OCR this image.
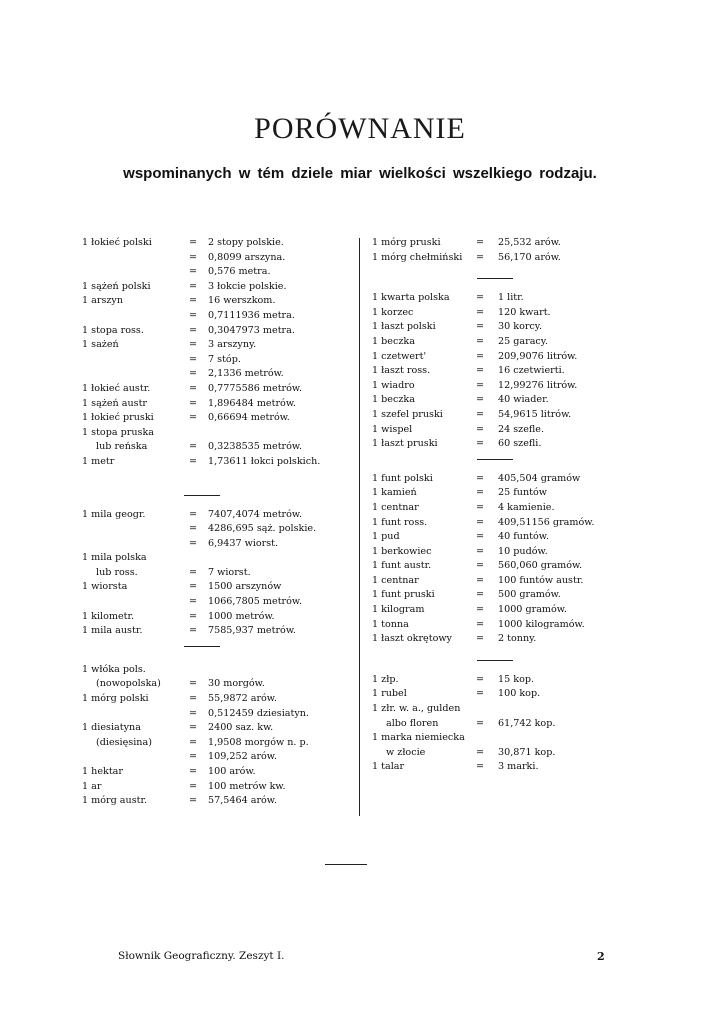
PORÓWNANIE
wspominanych w tém dziele miar wielkości wszelkiego rodzaju.
1 łokieć polski	=	2 stopy polskie.
=	0,8099 arszyna.
=	0,576 metra.
1 sążeń polski	=	3 łokcie polskie.
1 arszyn	=	16 werszkom.
=	0,7111936 metra.
1 stopa ross.	=	0,3047973 metra.
1 sażeń	=	3 arszyny.
=	7 stóp.
=	2,1336 metrów.
1 łokieć austr.	=	0,7775586 metrów.
1 sążeń austr	=	1,896484 metrów.
1 łokieć pruski	=	0,66694 metrów.
1 stopa pruska
lub reńska	=	0,3238535 metrów.
1 metr	=	1,73611 łokci polskich.
1 mila geogr.	=	7407,4074 metrów.
=	4286,695 sąż. polskie.
=	6,9437 wiorst.
1 mila polska
lub ross.	=	7 wiorst.
1 wiorsta	=	1500 arszynów
=	1066,7805 metrów.
1 kilometr.	=	1000 metrów.
1 mila austr.	=	7585,937 metrów.
1 włóka pols.
(nowopolska)	=	30 morgów.
1 mórg polski	=	55,9872 arów.
=	0,512459 dziesiatyn.
1 diesiatyna	=	2400 saz. kw.
(diesięsina)	=	1,9508 morgów n. p.
=	109,252 arów.
1 hektar	=	100 arów.
1 ar	=	100 metrów kw.
1 mórg austr.	=	57,5464 arów.
1 mórg pruski	=	25,532 arów.
1 mórg chełmiński	=	56,170 arów.
1 kwarta polska	=	1 litr.
1 korzec	=	120 kwart.
1 łaszt polski	=	30 korcy.
1 beczka	=	25 garacy.
1 czetwert'	=	209,9076 litrów.
1 łaszt ross.	=	16 czetwierti.
1 wiadro	=	12,99276 litrów.
1 beczka	=	40 wiader.
1 szefel pruski	=	54,9615 litrów.
1 wispel	=	24 szefle.
1 łaszt pruski	=	60 szefli.
1 funt polski	=	405,504 gramów
1 kamień	=	25 funtów
1 centnar	=	4 kamienie.
1 funt ross.	=	409,51156 gramów.
1 pud	=	40 funtów.
1 berkowiec	=	10 pudów.
1 funt austr.	=	560,060 gramów.
1 centnar	=	100 funtów austr.
1 funt pruski	=	500 gramów.
1 kilogram	=	1000 gramów.
1 tonna	=	1000 kilogramów.
1 łaszt okrętowy	=	2 tonny.
1 złp.	=	15 kop.
1 rubel	=	100 kop.
1 złr. w. a., gulden
albo floren	=	61,742 kop.
1 marka niemiecka
w złocie	=	30,871 kop.
1 talar	=	3 marki.
Słownik Geograficzny. Zeszyt I.	2
